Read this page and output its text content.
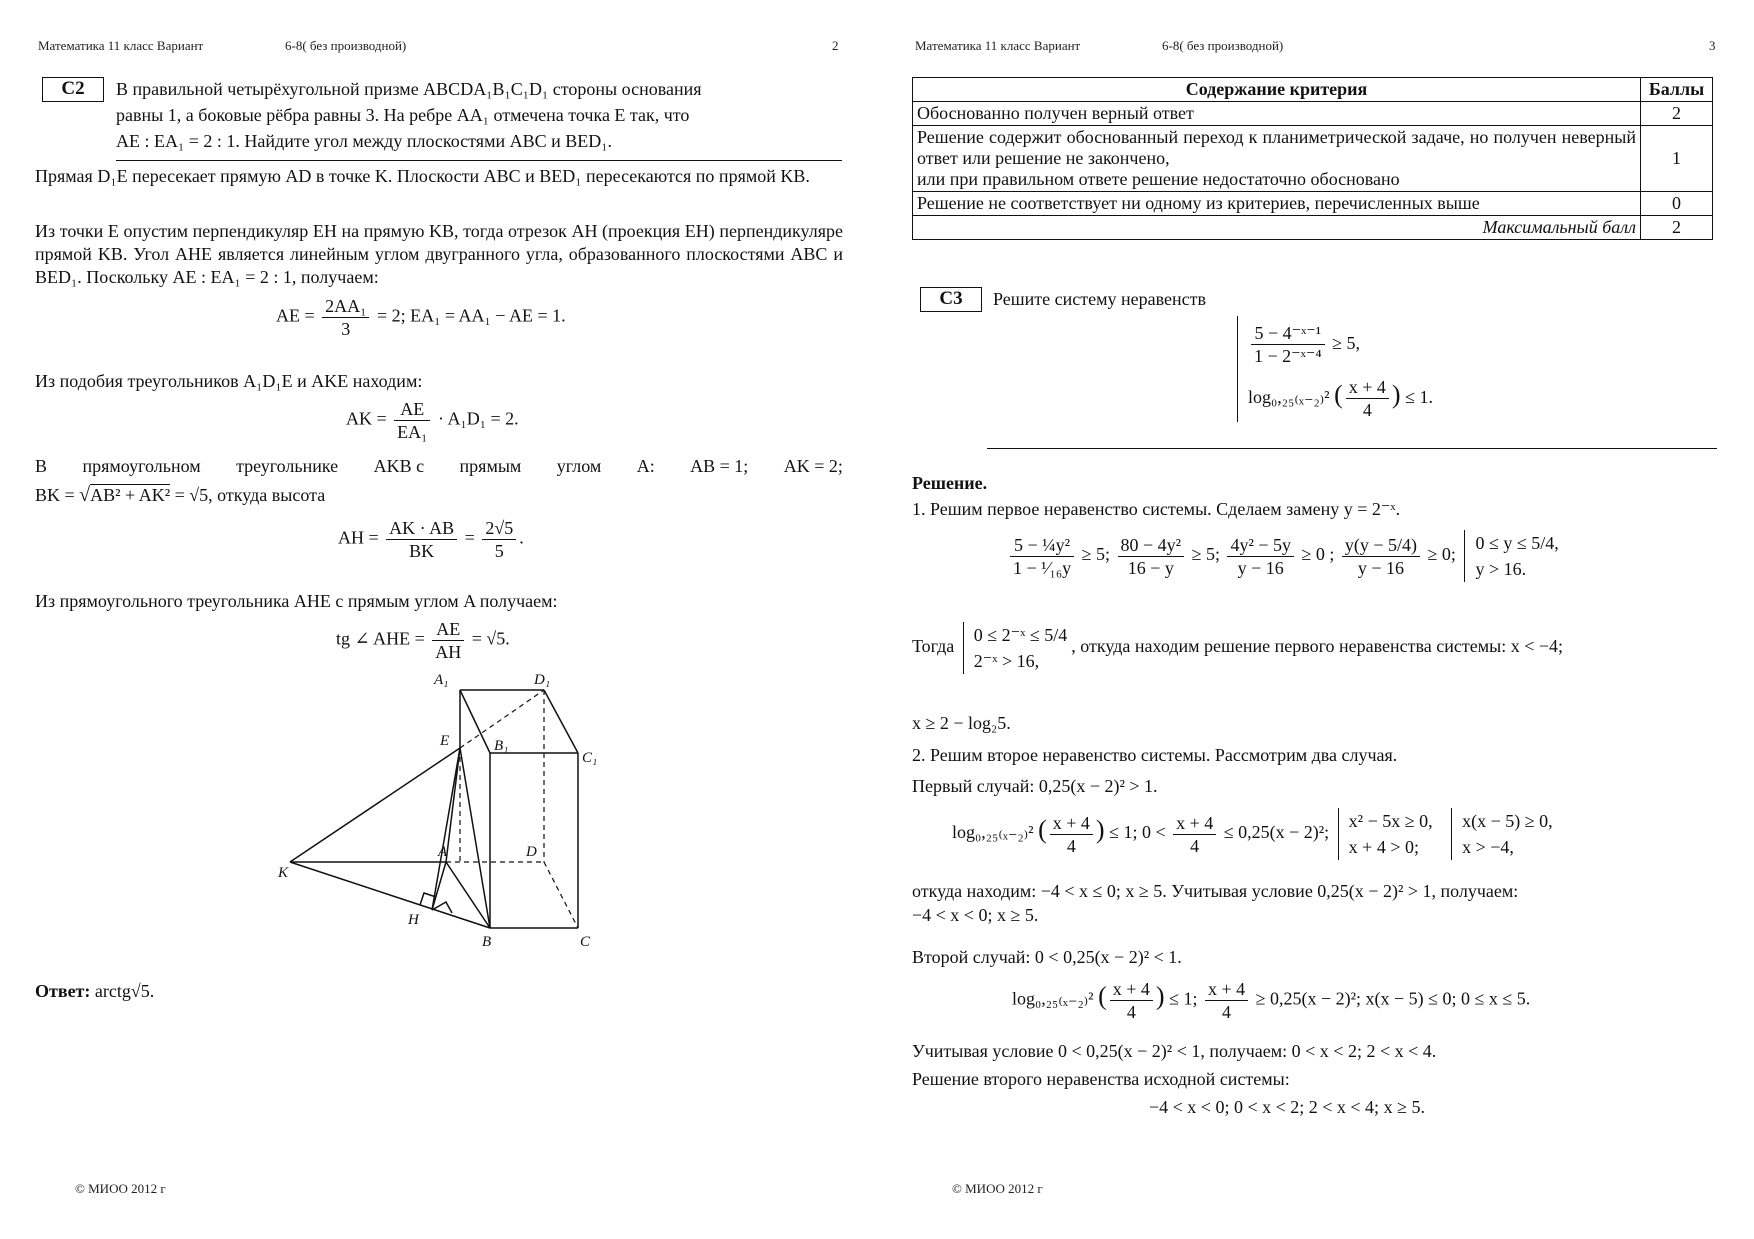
Математика 11 класс Вариант	6-8( без производной)	2
С2	В правильной четырёхугольной призме ABCDA₁B₁C₁D₁ стороны основания
равны 1, а боковые рёбра равны 3. На ребре AA₁ отмечена точка E так, что
AE : EA₁ = 2 : 1. Найдите угол между плоскостями ABC и BED₁.
Прямая D₁E пересекает прямую AD в точке K. Плоскости ABC и BED₁ пересекаются по прямой KB.
Из точки E опустим перпендикуляр EH на прямую KB, тогда отрезок AH (проекция EH) перпендикуляре прямой KB. Угол AHE является линейным углом двугранного угла, образованного плоскостями ABC и BED₁. Поскольку AE : EA₁ = 2 : 1, получаем:
AE = $\frac{\text{2AA₁}}{3} = 2$; EA₁ = AA₁ − AE = 1.
Из подобия треугольников A₁D₁E и AKE находим:
AK = $\frac{AE}{\text{EA₁}} \cdot A_1D_1 = 2$.
В прямоугольном треугольнике AKB с прямым углом A: AB = 1; AK = 2;
BK = √AB² + AK² = √5, откуда высота
AH = $\frac{AK \cdot AB}{BK} = \frac{2√5}{5}$ .
Из прямоугольного треугольника AHE с прямым углом A получаем:
tg ∠ AHE = $\frac{AE}{AH} = √5$.
A₁	D₁
E	B₁
C₁
K
A	D
H
B	C
Ответ: arctg√5.
© МИОО 2012 г
Математика 11 класс Вариант	6-8( без производной)	3
Содержание критерия	Баллы
Обоснованно получен верный ответ	2
Решение содержит обоснованный переход к планиметрической задаче, но получен неверный ответ или решение не закончено,
или при правильном ответе решение недостаточно обосновано	1
Решение не соответствует ни одному из критериев, перечисленных выше	0
Максимальный балл	2
С3	Решите систему неравенств
$\frac{\text{5 − 4⁻ˣ⁻¹}}{\text{1 − 2⁻ˣ⁻⁴}} \ge 5$,
log₀,₂₅₍ₓ₋₂₎² ( $\frac{x + 4}{4}$ ) ≤ 1.
Решение.
1. Решим первое неравенство системы. Сделаем замену y = 2⁻ˣ.
$\frac{\text{5 − ¼y²}}{\text{1 − ¹⁄₁₆y}} \ge 5$; $\frac{\text{80 − 4y²}}{16 - y} \ge 5$; $\frac{\text{4y² − 5y}}{y - 16} \ge 0$ ; $\frac{y(y - 5/4)}{y - 16} \ge 0$;
0 ≤ y ≤ 5/4,
y > 16.
Тогда
0 ≤ 2⁻ˣ ≤ 5/4
2⁻ˣ > 16,
, откуда находим решение первого неравенства системы: x < −4;
x ≥ 2 − log₂5.
2. Решим второе неравенство системы. Рассмотрим два случая.
Первый случай: 0,25(x − 2)² > 1.
log₀,₂₅₍ₓ₋₂₎² ( $\frac{x + 4}{4}$ ) ≤ 1; $0 < \frac{x + 4}{4} \le 0,25(x - 2)^2$;
x² − 5x ≥ 0,
x + 4 > 0;

x(x − 5) ≥ 0,
x > −4,
откуда находим: −4 < x ≤ 0; x ≥ 5. Учитывая условие 0,25(x − 2)² > 1, получаем:
−4 < x < 0; x ≥ 5.
Второй случай: 0 < 0,25(x − 2)² < 1.
log₀,₂₅₍ₓ₋₂₎² ( $\frac{x + 4}{4}$ ) ≤ 1; $\frac{x + 4}{4} \ge 0,25(x - 2)^2$; x(x − 5) ≤ 0; 0 ≤ x ≤ 5.
Учитывая условие 0 < 0,25(x − 2)² < 1, получаем: 0 < x < 2; 2 < x < 4.
Решение второго неравенства исходной системы:
−4 < x < 0; 0 < x < 2; 2 < x < 4; x ≥ 5.
© МИОО 2012 г
